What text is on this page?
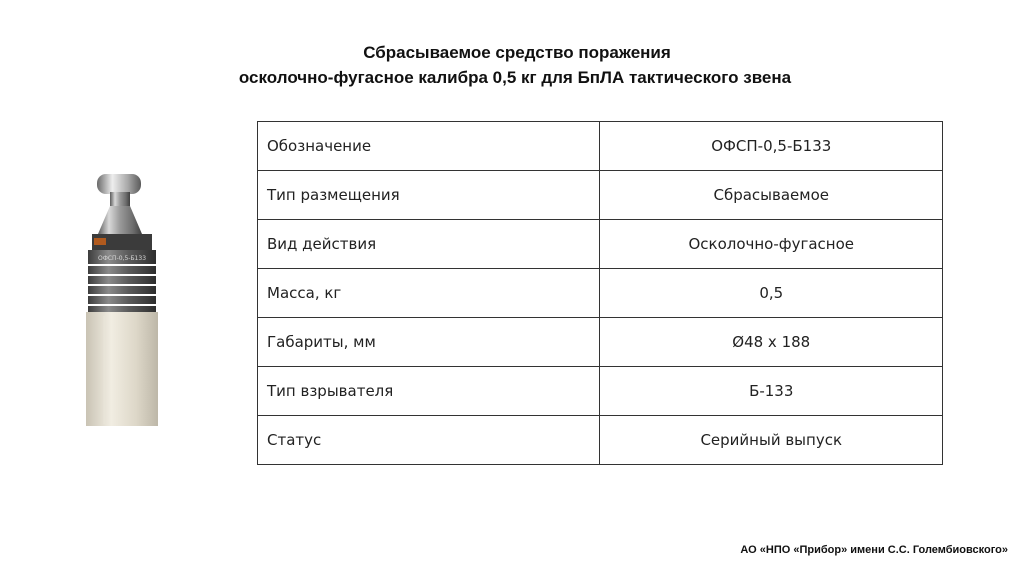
Сбрасываемое средство поражения
осколочно-фугасное калибра 0,5 кг для БпЛА тактического звена
ОФСП-0,5-Б133
Обозначение	ОФСП-0,5-Б133
Тип размещения	Сбрасываемое
Вид действия	Осколочно-фугасное
Масса, кг	0,5
Габариты, мм	Ø48 х 188
Тип взрывателя	Б-133
Статус	Серийный выпуск
АО «НПО «Прибор» имени С.С. Голембиовского»
